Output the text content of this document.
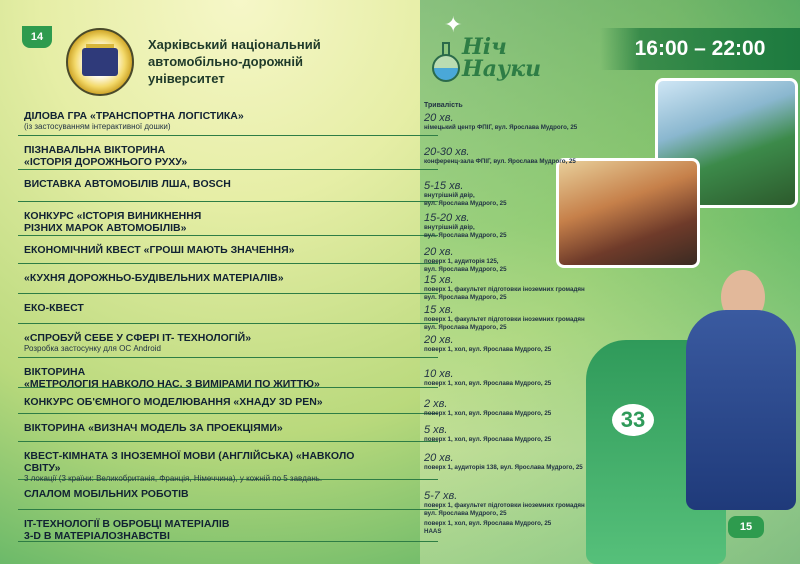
14
15
Харківський національний
автомобільно-дорожній
університет
✦
Ніч
Науки
16:00 – 22:00
33
Тривалість
ДІЛОВА ГРА «ТРАНСПОРТНА ЛОГІСТИКА»
(із застосуванням інтерактивної дошки)
ПІЗНАВАЛЬНА ВІКТОРИНА
«ІСТОРІЯ ДОРОЖНЬОГО РУХУ»
ВИСТАВКА АВТОМОБІЛІВ ЛША, BOSCH
КОНКУРС «ІСТОРІЯ ВИНИКНЕННЯ
РІЗНИХ МАРОК АВТОМОБІЛІВ»
ЕКОНОМІЧНИЙ КВЕСТ «ГРОШІ МАЮТЬ ЗНАЧЕННЯ»
«КУХНЯ ДОРОЖНЬО-БУДІВЕЛЬНИХ МАТЕРІАЛІВ»
ЕКО-КВЕСТ
«СПРОБУЙ СЕБЕ У СФЕРІ IT- ТЕХНОЛОГІЙ»
Розробка застосунку для ОС Android
ВІКТОРИНА
«МЕТРОЛОГІЯ НАВКОЛО НАС. З ВИМІРАМИ ПО ЖИТТЮ»
КОНКУРС ОБ'ЄМНОГО МОДЕЛЮВАННЯ «ХНАДУ 3D PEN»
ВІКТОРИНА «ВИЗНАЧ МОДЕЛЬ ЗА ПРОЕКЦІЯМИ»
КВЕСТ-КІМНАТА З ІНОЗЕМНОЇ МОВИ (АНГЛІЙСЬКА) «НАВКОЛО
СВІТУ»
3 локації (3 країни: Великобританія, Франція, Німеччина), у кожній по 5 завдань.
СЛАЛОМ МОБІЛЬНИХ РОБОТІВ
IT-ТЕХНОЛОГІЇ В ОБРОБЦІ МАТЕРІАЛІВ
3-D В МАТЕРІАЛОЗНАВСТВІ
20 хв.
німецький центр ФПІГ, вул. Ярослава Мудрого, 25
20-30 хв.
конференц-зала ФПІГ, вул. Ярослава Мудрого, 25
5-15 хв.
внутрішній двір,
вул. Ярослава Мудрого, 25
15-20 хв.
внутрішній двір,
вул. Ярослава Мудрого, 25
20 хв.
поверх 1, аудиторія 125,
вул. Ярослава Мудрого, 25
15 хв.
поверх 1, факультет підготовки іноземних громадян
вул. Ярослава Мудрого, 25
15 хв.
поверх 1, факультет підготовки іноземних громадян
вул. Ярослава Мудрого, 25
20 хв.
поверх 1, хол, вул. Ярослава Мудрого, 25
10 хв.
поверх 1, хол, вул. Ярослава Мудрого, 25
2 хв.
поверх 1, хол, вул. Ярослава Мудрого, 25
5 хв.
поверх 1, хол, вул. Ярослава Мудрого, 25
20 хв.
поверх 1, аудиторія 138, вул. Ярослава Мудрого, 25
5-7 хв.
поверх 1, факультет підготовки іноземних громадян
вул. Ярослава Мудрого, 25
поверх 1, хол, вул. Ярослава Мудрого, 25
HAAS
